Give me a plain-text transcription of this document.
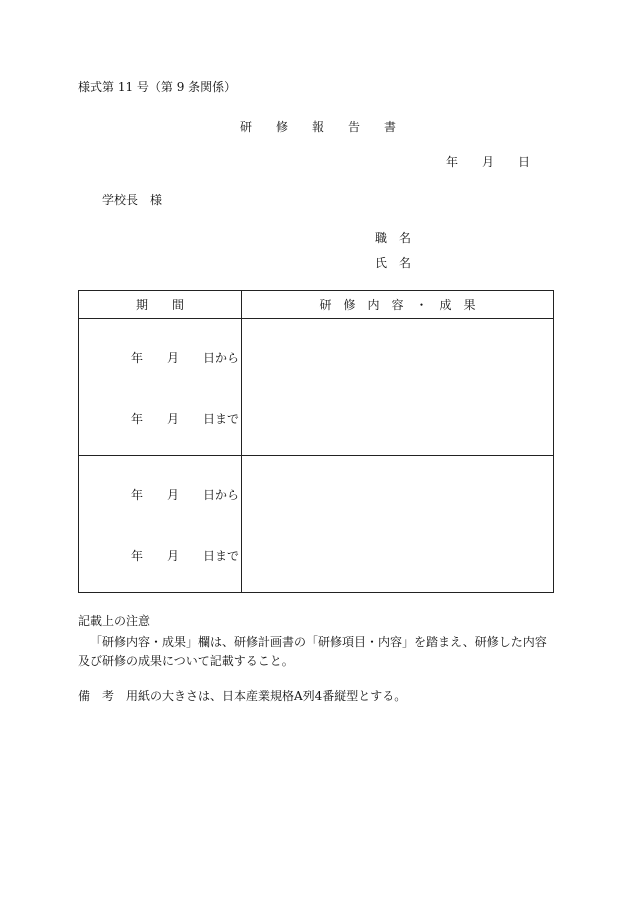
様式第 11 号（第 9 条関係）
研　　修　　報　　告　　書
年　　月　　日
学校長　様
職　名
氏　名
期　　間	研　修　内　容　・　成　果

年　　月　　日から
年　　月　　日まで	

年　　月　　日から
年　　月　　日まで	

記載上の注意
「研修内容・成果」欄は、研修計画書の「研修項目・内容」を踏まえ、研修した内容及び研修の成果について記載すること。
備　考　用紙の大きさは、日本産業規格A列4番縦型とする。
